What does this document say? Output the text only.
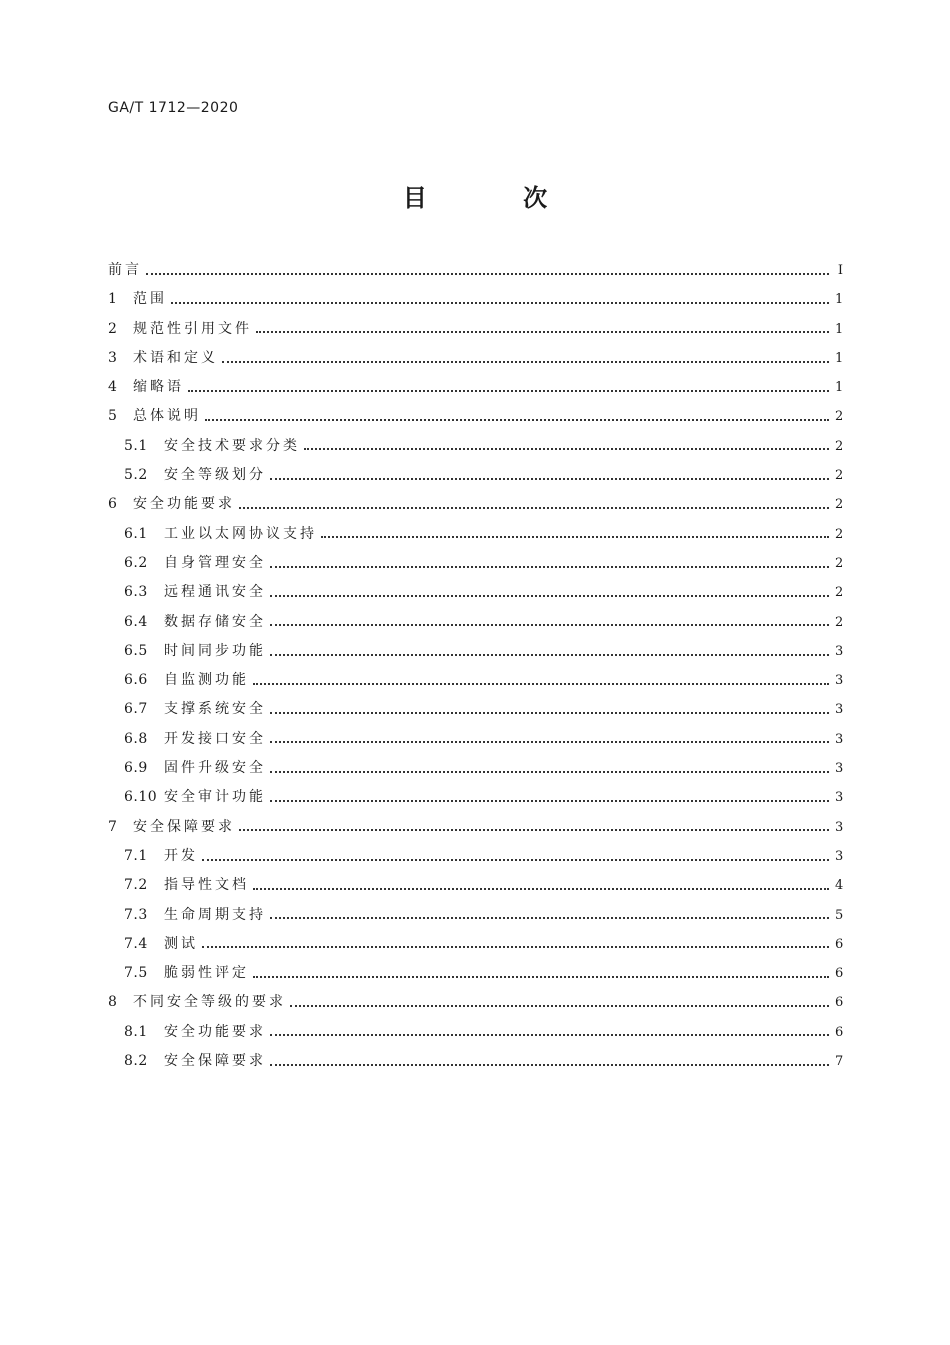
GA/T 1712—2020
目 次
前言	Ⅰ
1	范围	1
2	规范性引用文件	1
3	术语和定义	1
4	缩略语	1
5	总体说明	2
5.1	安全技术要求分类	2
5.2	安全等级划分	2
6	安全功能要求	2
6.1	工业以太网协议支持	2
6.2	自身管理安全	2
6.3	远程通讯安全	2
6.4	数据存储安全	2
6.5	时间同步功能	3
6.6	自监测功能	3
6.7	支撑系统安全	3
6.8	开发接口安全	3
6.9	固件升级安全	3
6.10 安全审计功能	3
7	安全保障要求	3
7.1	开发	3
7.2	指导性文档	4
7.3	生命周期支持	5
7.4	测试	6
7.5	脆弱性评定	6
8	不同安全等级的要求	6
8.1	安全功能要求	6
8.2	安全保障要求	7
